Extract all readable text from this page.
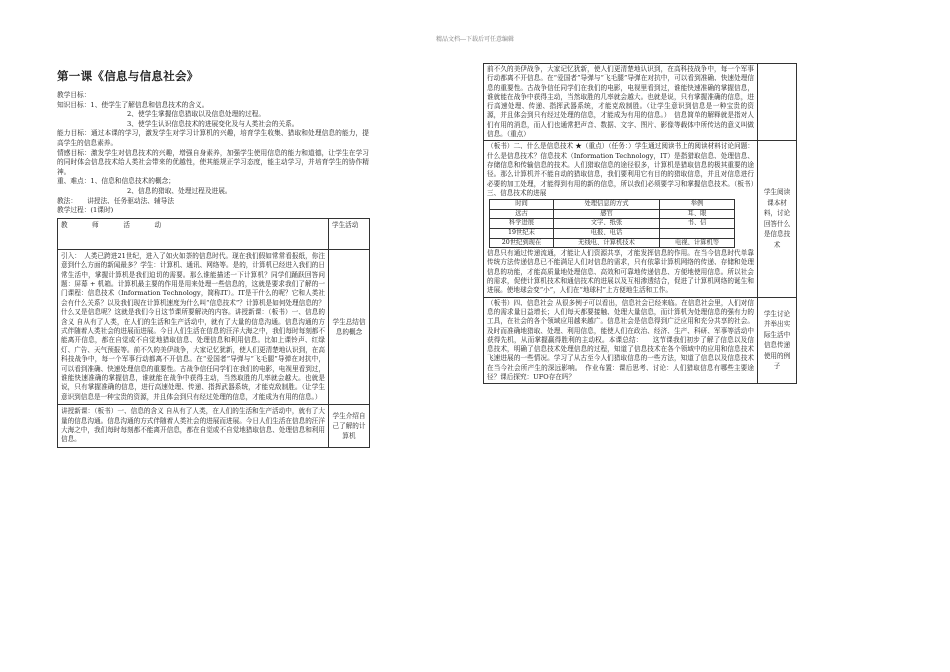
精品文档---下载后可任意编辑
第一课《信息与信息社会》

教学目标：

知识目标：1、使学生了解信息和信息技术的含义。

2、使学生掌握信息猎取以及信息处理的过程。

3、使学生认识信息技术的进展变化及与人类社会的关系。

能力目标：通过本课的学习，激发学生对学习计算机的兴趣，培育学生收集、猎取和处理信息的能力，提高学生的信息素养。

情感目标：激发学生对信息技术的兴趣，增强自身素养，加强学生使用信息的能力和道德，让学生在学习的同时体会信息技术给人类社会带来的优越性，使其能规正学习态度，能主动学习，并培育学生的协作精神。

重、难点：1、信息和信息技术的概念；

2、信息的猎取、处理过程及进展。

教法：　　讲授法、任务驱动法、辅导法

教学过程：(1课时)

教　师　活　动	学生活动

引入：　人类已跨进21世纪，进入了如火如荼的信息时代。现在我们假如常常看报纸，你注意到什么方面的新闻最多？学生：计算机、通讯、网络等。是的，计算机已经进入我们的日常生活中，掌握计算机是我们迫切的需要。那么谁能描述一下计算机？同学们踊跃回答问题：屏幕 + 机箱。计算机最主要的作用是用来处理一些信息的，这就是要求我们了解的一门课程：信息技术（Information Technology，简称IT）。IT是干什么的呢？它和人类社会有什么关系？以及我们现在计算机速度为什么叫“信息技术”？计算机是如何处理信息的？什么又是信息呢？这就是我们今日这节课所要解决的内容。讲授新课：（板书）一、信息的含义 自从有了人类，在人们的生活和生产活动中，就有了大量的信息沟通。信息沟通的方式伴随着人类社会的进展而进展。今日人们生活在信息的汪洋大海之中，我们每时每刻都不能离开信息，都在自觉或不自觉地猎取信息、处理信息和利用信息。比如上课铃声、红绿灯、广告、天气预报等。前不久的美伊战争，大家记忆犹新，使人们更清楚地认识到，在高科技战争中，每一个军事行动都离不开信息。在“爱国者”导弹与“飞毛腿”导弹在对抗中，可以看到准确、快速处理信息的重要性。古战争信任同学们在我们的电影，电视里看到过，谁能快速准确的掌握信息，谁就能在战争中获得主动，当然取胜的几率就会越大。也就是说，只有掌握准确的信息，进行高速处理、传递、指挥武器系统，才能克敌制胜。（让学生意识到信息是一种宝贵的资源，并且体会到只有经过处理的信息，才能成为有用的信息。）	学生总结信息的概念

讲授新课：（板书）一、信息的含义 自从有了人类，在人们的生活和生产活动中，就有了大量的信息沟通。信息沟通的方式伴随着人类社会的进展而进展。今日人们生活在信息的汪洋大海之中，我们每时每刻都不能离开信息，都在自觉或不自觉地猎取信息、处理信息和利用信息。	学生介绍自己了解的计算机

前不久的美伊战争，大家记忆犹新，使人们更清楚地认识到，在高科技战争中，每一个军事行动都离不开信息。在“爱国者”导弹与“飞毛腿”导弹在对抗中，可以看到准确、快速处理信息的重要性。古战争信任同学们在我们的电影，电视里看到过，谁能快速准确的掌握信息，谁就能在战争中获得主动，当然取胜的几率就会越大。也就是说，只有掌握准确的信息，进行高速处理、传递、指挥武器系统，才能克敌制胜。（让学生意识到信息是一种宝贵的资源，并且体会到只有经过处理的信息，才能成为有用的信息。）　信息简单的解释就是指对人们有用的消息，而人们也通常把声音、数据、文字、图片、影像等载体中所传达的意义叫做信息。（重点）

（板书）二、什么是信息技术 ★（重点）（任务：）学生通过阅读书上的阅读材料讨论问题：什么是信息技术？信息技术（Information Technology，IT）是指猎取信息、处理信息、存储信息和传输信息的技术。人们猎取信息的途径很多，计算机是猎取信息的极其重要的途径。那么计算机并不能自动的猎取信息，我们要利用它有目的的猎取信息，并且对信息进行必要的加工处理，才能得到有用的新的信息，所以我们必须要学习和掌握信息技术。（板书）三、信息技术的进展

时间	处理信息的方式	举例
远古	感官	耳、眼
科学进展	文字、纸张	书、信
19世纪末	电报、电话	
20世纪到现在	无线电、计算机技术	电视、计算机等

信息只有通过传递流通，才能让人们资源共享，才能发挥信息的作用。在当今信息时代单靠传统方法传递信息已不能满足人们对信息的需求，只有依靠计算机网络的传递、存储和处理信息的功能，才能高质量地处理信息、高效和可靠地传递信息、方便地使用信息。所以社会的需求，促使计算机技术和通信技术的进展以及互相渗透结合，促进了计算机网络的诞生和进展。使地球会变“小”，人们在“地球村”上方便地生活和工作。

	学生阅读课本材料，讨论回答什么是信息技术

（板书）四、信息社会 从很多例子可以看出，信息社会已经来临。在信息社会里，人们对信息的需求量日益增长；人们每天都要接触、处理大量信息，而计算机为处理信息的强有力的工具，在社会的各个领域应用越来越广。信息社会是信息得到广泛应用和充分共享的社会。及时而准确地猎取、处理、利用信息，能使人们在政治、经济、生产、科研、军事等活动中获得先机，从而掌握赢得胜利的主动权。本课总结：　　这节课我们初步了解了信息以及信息技术，明确了信息技术处理信息的过程，知道了信息技术在各个领域中的应用和信息技术飞速进展的一些情况。学习了从古至今人们猎取信息的一些方法，知道了信息以及信息技术在当今社会所产生的深远影响。　作业布置：课后思考、讨论：人们猎取信息有哪些主要途径？课后探究：UFO存在吗？

	学生讨论并举出实际生活中信息传递使用的例子
